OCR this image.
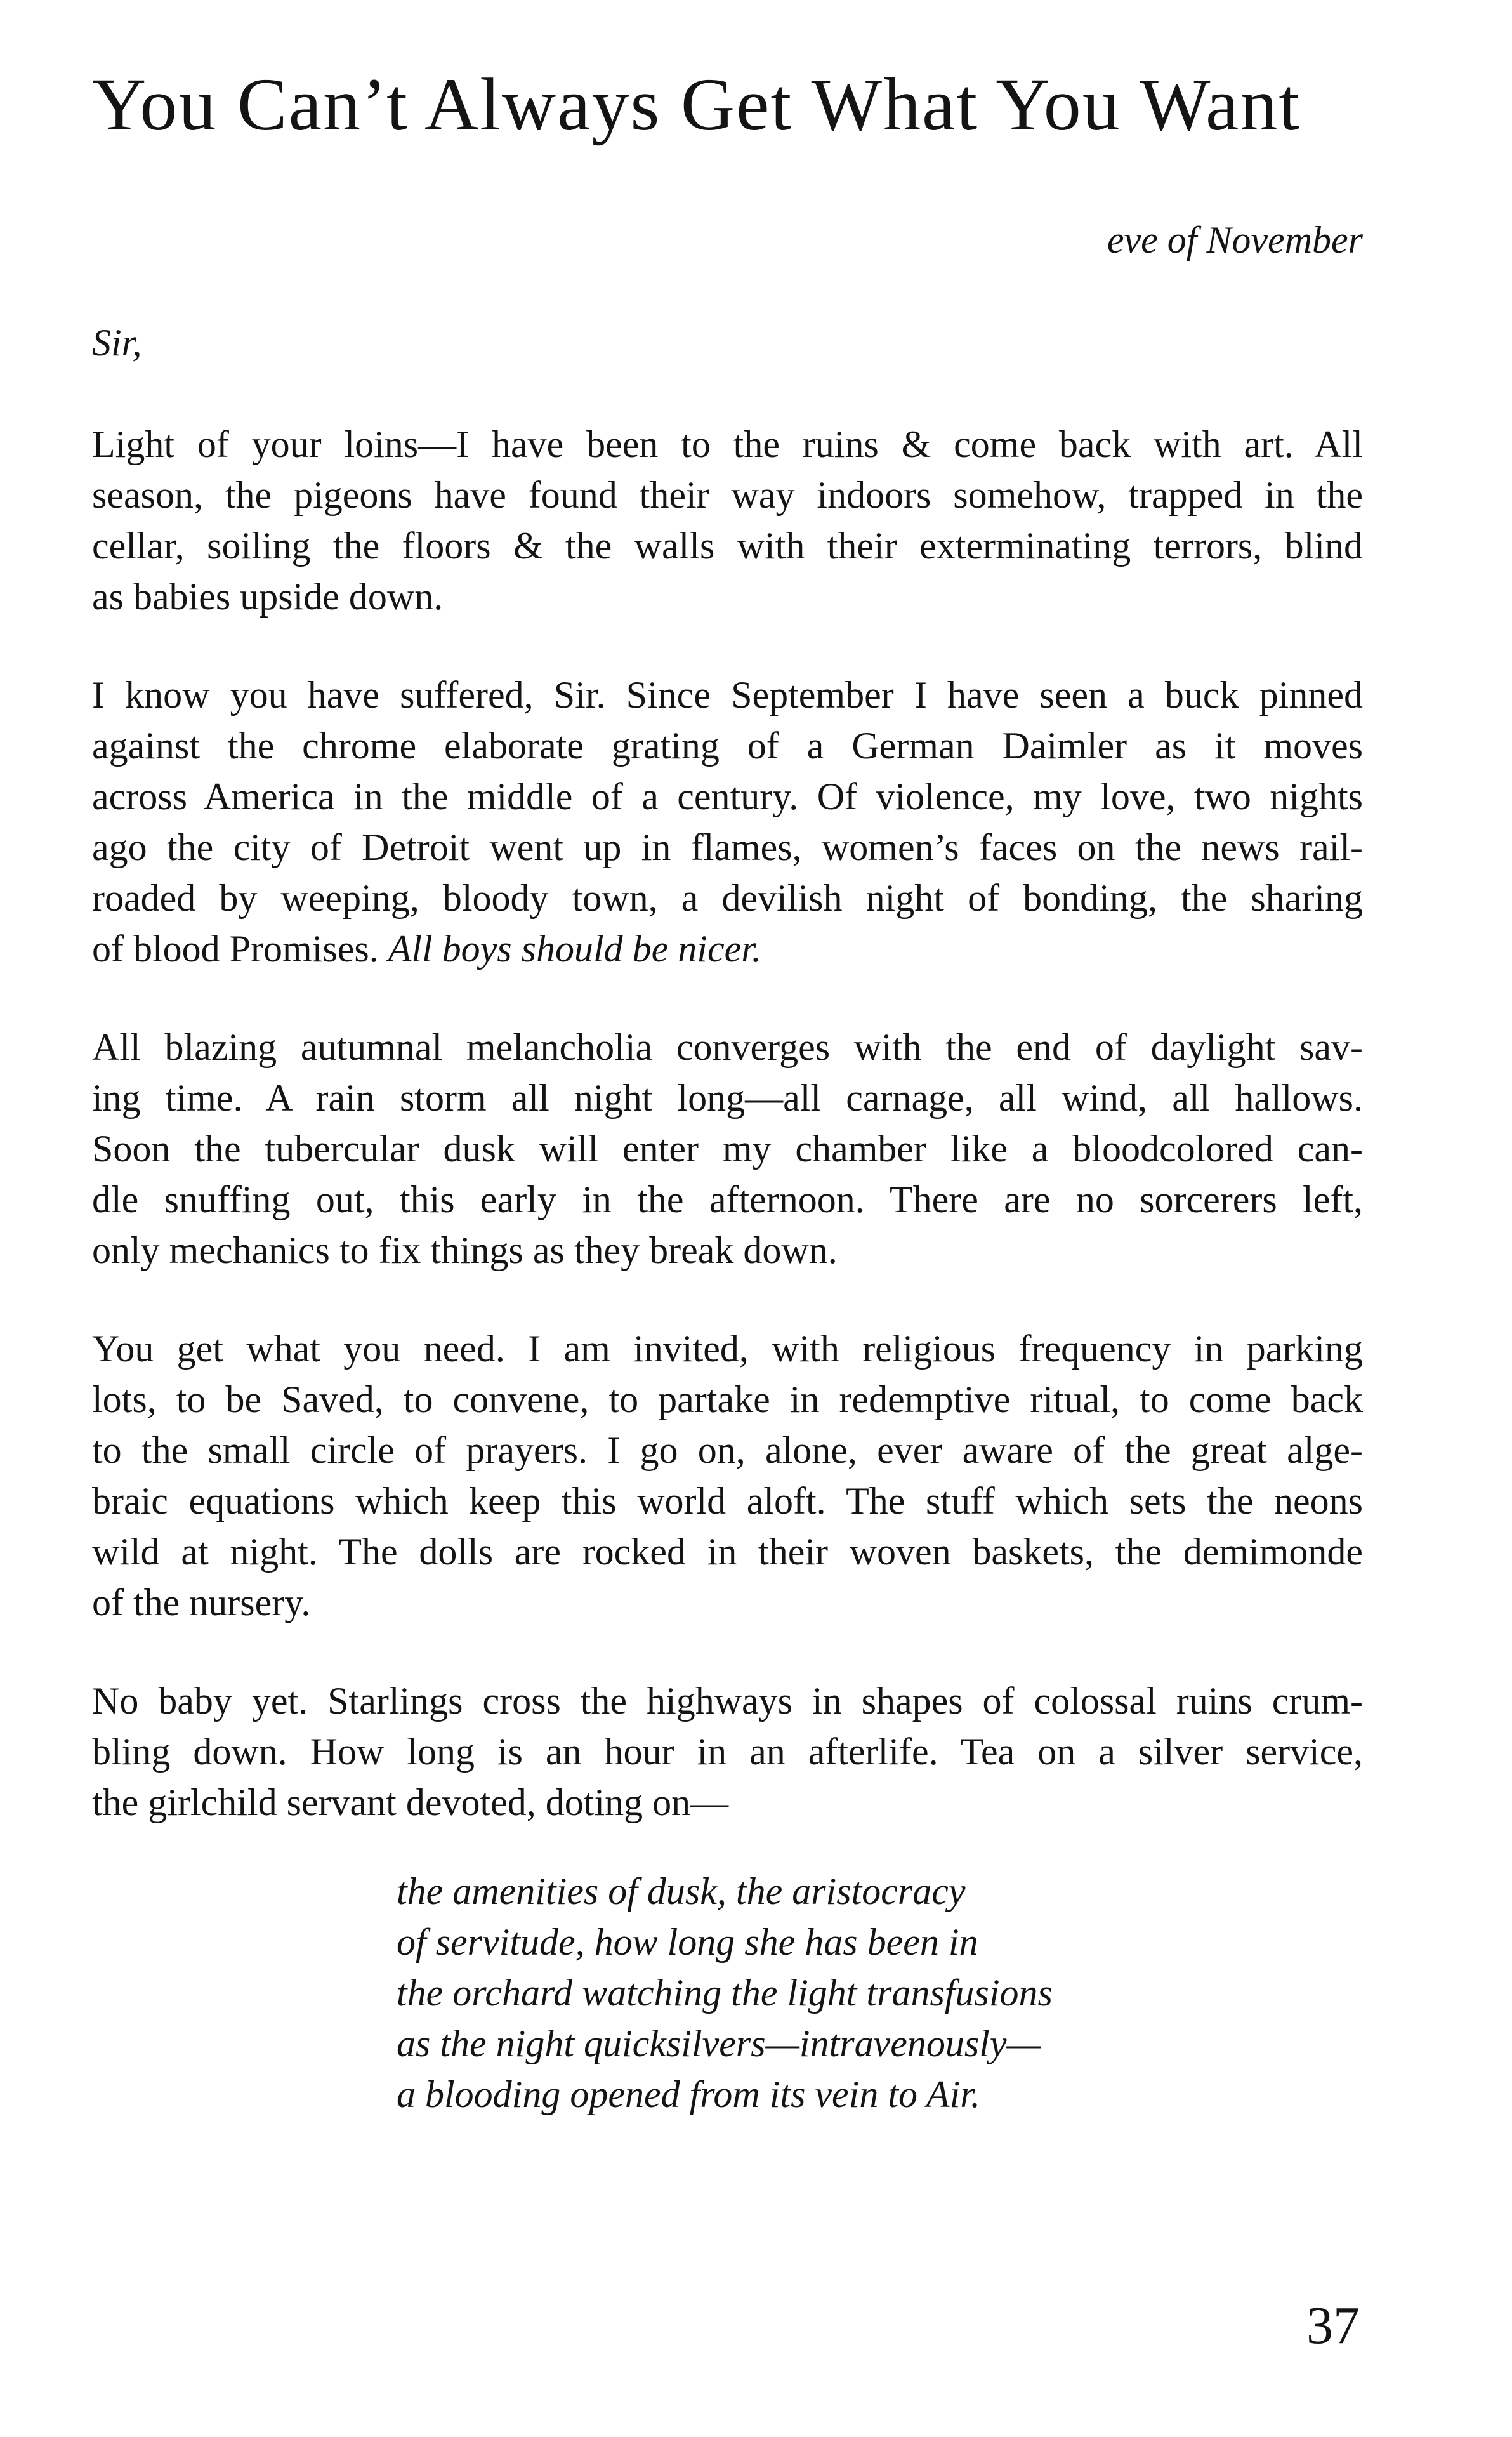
You Can’t Always Get What You Want
eve of November
Sir,
Light of your loins—I have been to the ruins & come back with art. All
season, the pigeons have found their way indoors somehow, trapped in the
cellar, soiling the floors & the walls with their exterminating terrors, blind
as babies upside down.
I know you have suffered, Sir. Since September I have seen a buck pinned
against the chrome elaborate grating of a German Daimler as it moves
across America in the middle of a century. Of violence, my love, two nights
ago the city of Detroit went up in flames, women’s faces on the news rail-
roaded by weeping, bloody town, a devilish night of bonding, the sharing
of blood Promises. All boys should be nicer.
All blazing autumnal melancholia converges with the end of daylight sav-
ing time. A rain storm all night long—all carnage, all wind, all hallows.
Soon the tubercular dusk will enter my chamber like a bloodcolored can-
dle snuffing out, this early in the afternoon. There are no sorcerers left,
only mechanics to fix things as they break down.
You get what you need. I am invited, with religious frequency in parking
lots, to be Saved, to convene, to partake in redemptive ritual, to come back
to the small circle of prayers. I go on, alone, ever aware of the great alge-
braic equations which keep this world aloft. The stuff which sets the neons
wild at night. The dolls are rocked in their woven baskets, the demimonde
of the nursery.
No baby yet. Starlings cross the highways in shapes of colossal ruins crum-
bling down. How long is an hour in an afterlife. Tea on a silver service,
the girlchild servant devoted, doting on—
the amenities of dusk, the aristocracy
of servitude, how long she has been in
the orchard watching the light transfusions
as the night quicksilvers—intravenously—
a blooding opened from its vein to Air.
37
